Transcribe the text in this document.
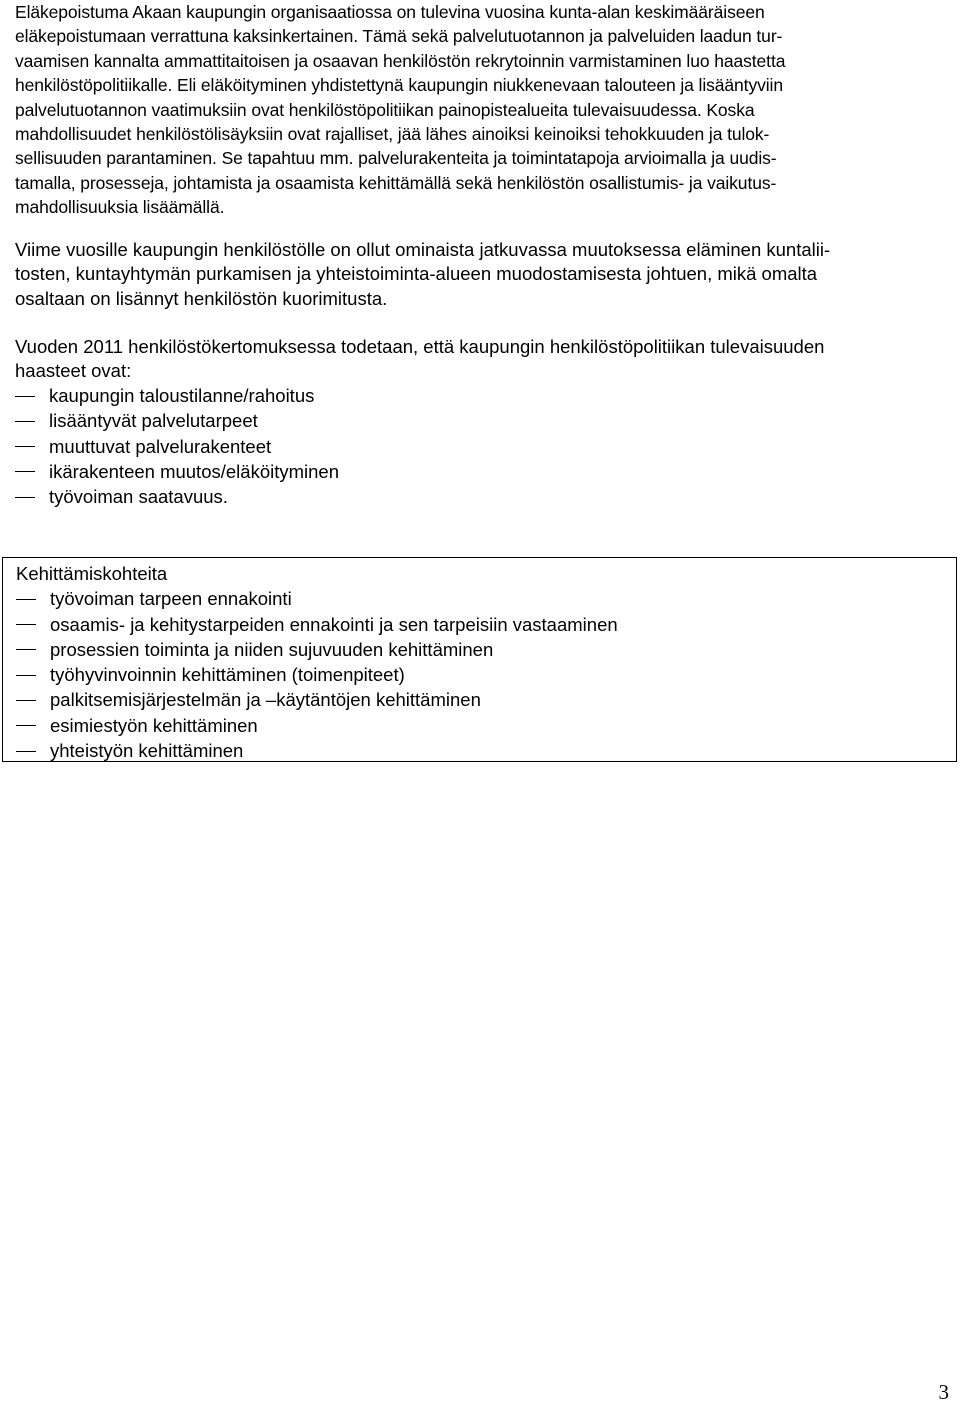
Eläkepoistuma Akaan kaupungin organisaatiossa on tulevina vuosina kunta-alan keskimääräiseen
eläkepoistumaan verrattuna kaksinkertainen. Tämä sekä palvelutuotannon ja palveluiden laadun tur-
vaamisen kannalta ammattitaitoisen ja osaavan henkilöstön rekrytoinnin varmistaminen luo haastetta
henkilöstöpolitiikalle. Eli eläköityminen yhdistettynä kaupungin niukkenevaan talouteen ja lisääntyviin
palvelutuotannon vaatimuksiin ovat henkilöstöpolitiikan painopistealueita tulevaisuudessa. Koska
mahdollisuudet henkilöstölisäyksiin ovat rajalliset, jää lähes ainoiksi keinoiksi tehokkuuden ja tulok-
sellisuuden parantaminen. Se tapahtuu mm. palvelurakenteita ja toimintatapoja arvioimalla ja uudis-
tamalla, prosesseja, johtamista ja osaamista kehittämällä sekä henkilöstön osallistumis- ja vaikutus-
mahdollisuuksia lisäämällä.

Viime vuosille kaupungin henkilöstölle on ollut ominaista jatkuvassa muutoksessa eläminen kuntalii-
tosten, kuntayhtymän purkamisen ja yhteistoiminta-alueen muodostamisesta johtuen, mikä omalta
osaltaan on lisännyt henkilöstön kuorimitusta.

Vuoden 2011 henkilöstökertomuksessa todetaan, että kaupungin henkilöstöpolitiikan tulevaisuuden
haasteet ovat:

kaupungin taloustilanne/rahoitus
lisääntyvät palvelutarpeet
muuttuvat palvelurakenteet
ikärakenteen muutos/eläköityminen
työvoiman saatavuus.

Kehittämiskohteita

työvoiman tarpeen ennakointi
osaamis- ja kehitystarpeiden ennakointi ja sen tarpeisiin vastaaminen
prosessien toiminta ja niiden sujuvuuden kehittäminen
työhyvinvoinnin kehittäminen (toimenpiteet)
palkitsemisjärjestelmän ja –käytäntöjen kehittäminen
esimiestyön kehittäminen
yhteistyön kehittäminen
3
